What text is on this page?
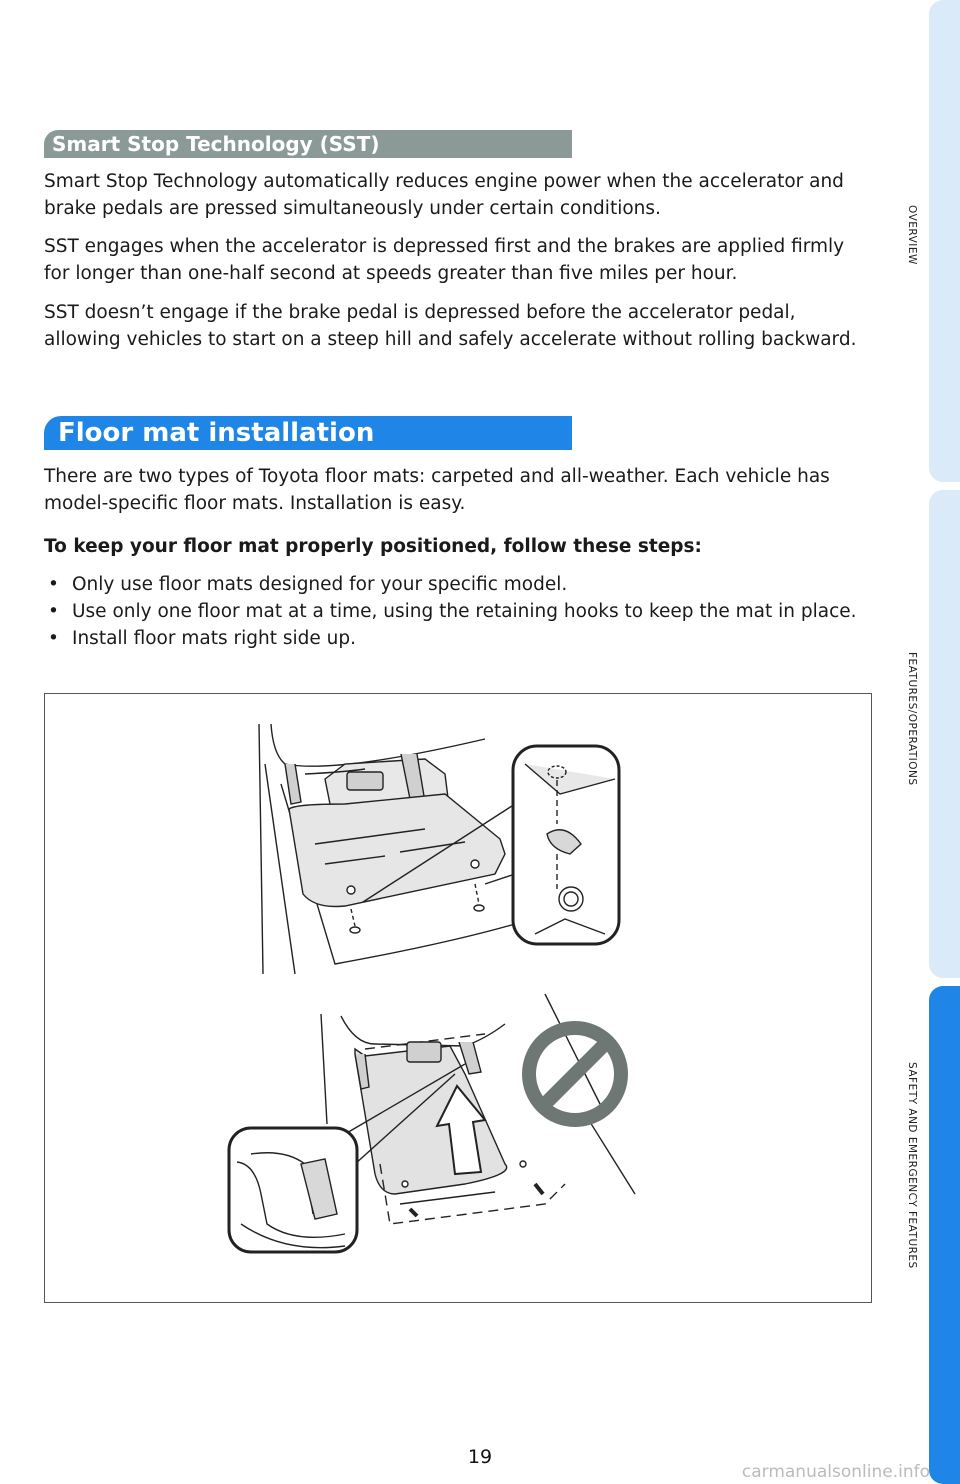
Smart Stop Technology (SST)

Smart Stop Technology automatically reduces engine power when the accelerator and brake pedals are pressed simultaneously under certain conditions.

SST engages when the accelerator is depressed first and the brakes are applied firmly for longer than one-half second at speeds greater than five miles per hour.

SST doesn’t engage if the brake pedal is depressed before the accelerator pedal, allowing vehicles to start on a steep hill and safely accelerate without rolling backward.

Floor mat installation

There are two types of Toyota floor mats: carpeted and all-weather. Each vehicle has model-specific floor mats. Installation is easy.

To keep your floor mat properly positioned, follow these steps:

• Only use floor mats designed for your specific model.
• Use only one floor mat at a time, using the retaining hooks to keep the mat in place.
• Install floor mats right side up.
OVERVIEW
FEATURES/OPERATIONS
SAFETY AND EMERGENCY FEATURES
19
carmanualsonline.info
